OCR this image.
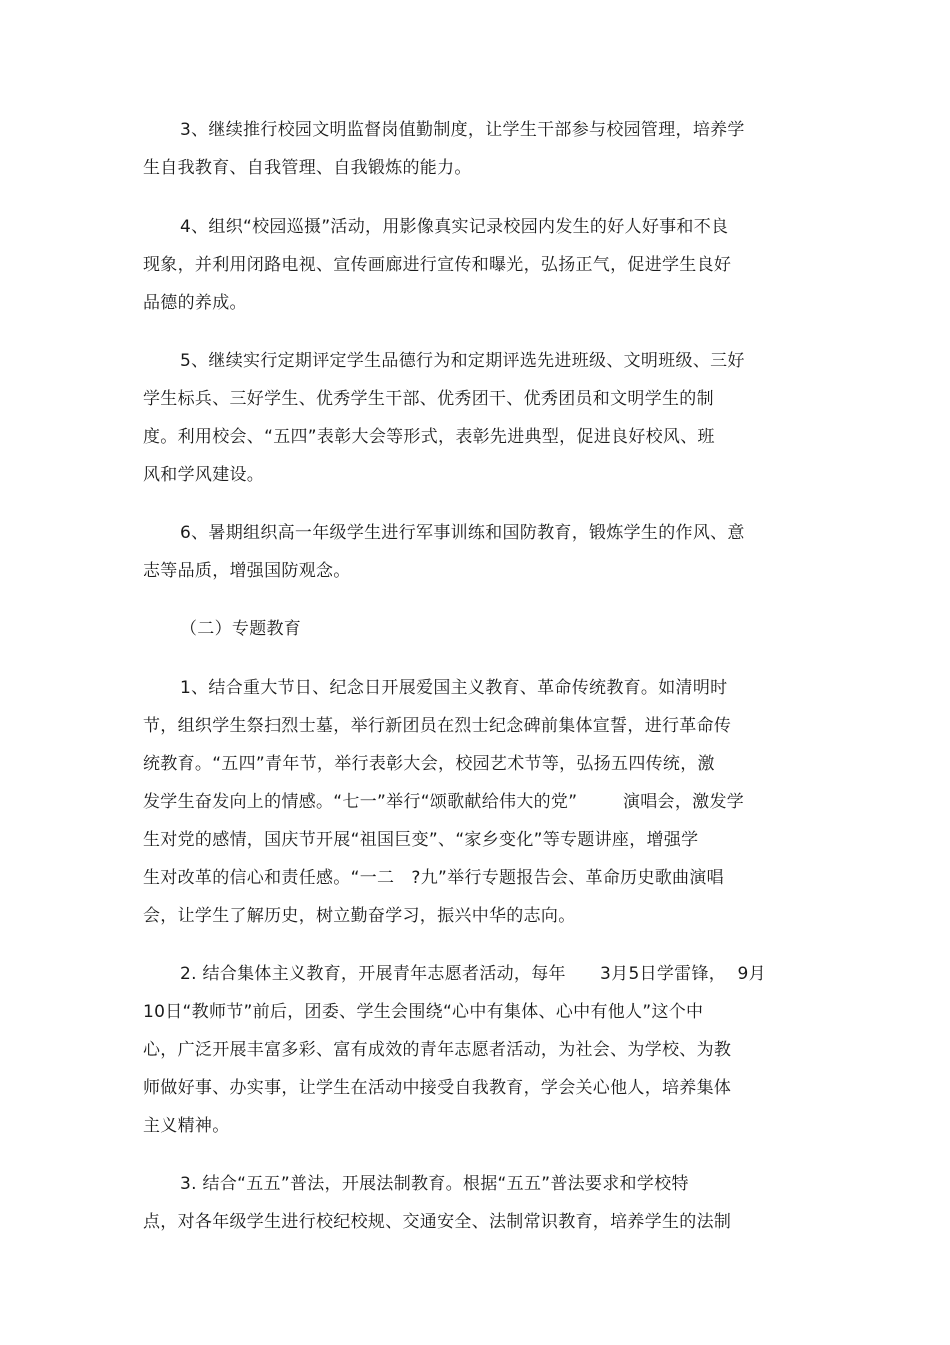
3、继续推行校园文明监督岗值勤制度，让学生干部参与校园管理，培养学
生自我教育、自我管理、自我锻炼的能力。
4、组织“校园巡摄”活动，用影像真实记录校园内发生的好人好事和不良
现象，并利用闭路电视、宣传画廊进行宣传和曝光，弘扬正气，促进学生良好
品德的养成。
5、继续实行定期评定学生品德行为和定期评选先进班级、文明班级、三好
学生标兵、三好学生、优秀学生干部、优秀团干、优秀团员和文明学生的制
度。利用校会、“五四”表彰大会等形式，表彰先进典型，促进良好校风、班
风和学风建设。
6、暑期组织高一年级学生进行军事训练和国防教育，锻炼学生的作风、意
志等品质，增强国防观念。
（二）专题教育
1、结合重大节日、纪念日开展爱国主义教育、革命传统教育。如清明时
节，组织学生祭扫烈士墓，举行新团员在烈士纪念碑前集体宣誓，进行革命传
统教育。“五四”青年节，举行表彰大会，校园艺术节等，弘扬五四传统，激
发学生奋发向上的情感。“七一”举行“颂歌献给伟大的党”        演唱会，激发学
生对党的感情，国庆节开展“祖国巨变”、“家乡变化”等专题讲座，增强学
生对改革的信心和责任感。“一二   ?九”举行专题报告会、革命历史歌曲演唱
会，让学生了解历史，树立勤奋学习，振兴中华的志向。
2. 结合集体主义教育，开展青年志愿者活动，每年      3月5日学雷锋，  9月
10日“教师节”前后，团委、学生会围绕“心中有集体、心中有他人”这个中
心，广泛开展丰富多彩、富有成效的青年志愿者活动，为社会、为学校、为教
师做好事、办实事，让学生在活动中接受自我教育，学会关心他人，培养集体
主义精神。
3. 结合“五五”普法，开展法制教育。根据“五五”普法要求和学校特
点，对各年级学生进行校纪校规、交通安全、法制常识教育，培养学生的法制
